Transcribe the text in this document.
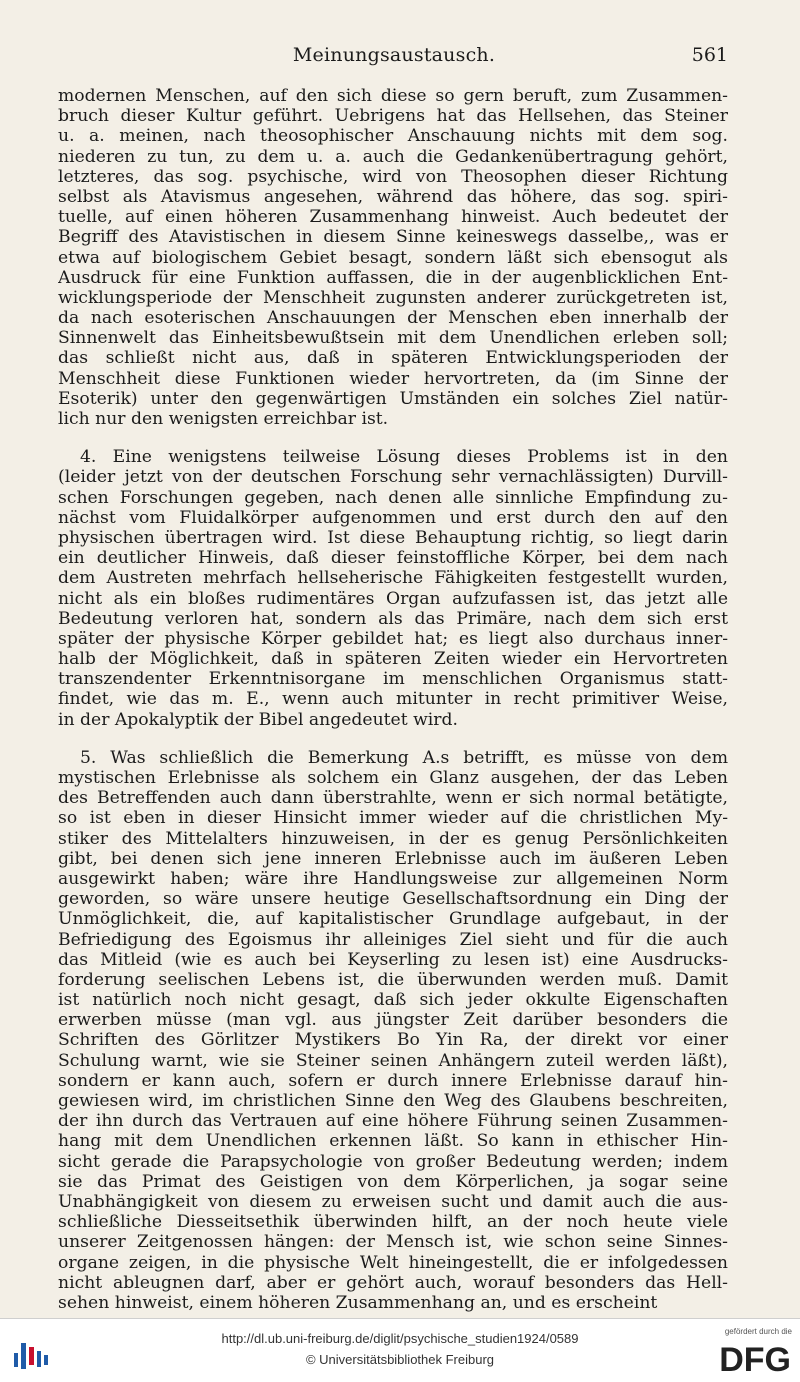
Meinungsaustausch.	561
modernen Menschen, auf den sich diese so gern beruft, zum Zusammen-
bruch dieser Kultur geführt. Uebrigens hat das Hellsehen, das Steiner
u. a. meinen, nach theosophischer Anschauung nichts mit dem sog.
niederen zu tun, zu dem u. a. auch die Gedankenübertragung gehört,
letzteres, das sog. psychische, wird von Theosophen dieser Richtung
selbst als Atavismus angesehen, während das höhere, das sog. spiri-
tuelle, auf einen höheren Zusammenhang hinweist. Auch bedeutet der
Begriff des Atavistischen in diesem Sinne keineswegs dasselbe,, was er
etwa auf biologischem Gebiet besagt, sondern läßt sich ebensogut als
Ausdruck für eine Funktion auffassen, die in der augenblicklichen Ent-
wicklungsperiode der Menschheit zugunsten anderer zurückgetreten ist,
da nach esoterischen Anschauungen der Menschen eben innerhalb der
Sinnenwelt das Einheitsbewußtsein mit dem Unendlichen erleben soll;
das schließt nicht aus, daß in späteren Entwicklungsperioden der
Menschheit diese Funktionen wieder hervortreten, da (im Sinne der
Esoterik) unter den gegenwärtigen Umständen ein solches Ziel natür-
lich nur den wenigsten erreichbar ist.
4. Eine wenigstens teilweise Lösung dieses Problems ist in den
(leider jetzt von der deutschen Forschung sehr vernachlässigten) Durvill-
schen Forschungen gegeben, nach denen alle sinnliche Empfindung zu-
nächst vom Fluidalkörper aufgenommen und erst durch den auf den
physischen übertragen wird. Ist diese Behauptung richtig, so liegt darin
ein deutlicher Hinweis, daß dieser feinstoffliche Körper, bei dem nach
dem Austreten mehrfach hellseherische Fähigkeiten festgestellt wurden,
nicht als ein bloßes rudimentäres Organ aufzufassen ist, das jetzt alle
Bedeutung verloren hat, sondern als das Primäre, nach dem sich erst
später der physische Körper gebildet hat; es liegt also durchaus inner-
halb der Möglichkeit, daß in späteren Zeiten wieder ein Hervortreten
transzendenter Erkenntnisorgane im menschlichen Organismus statt-
findet, wie das m. E., wenn auch mitunter in recht primitiver Weise,
in der Apokalyptik der Bibel angedeutet wird.
5. Was schließlich die Bemerkung A.s betrifft, es müsse von dem
mystischen Erlebnisse als solchem ein Glanz ausgehen, der das Leben
des Betreffenden auch dann überstrahlte, wenn er sich normal betätigte,
so ist eben in dieser Hinsicht immer wieder auf die christlichen My-
stiker des Mittelalters hinzuweisen, in der es genug Persönlichkeiten
gibt, bei denen sich jene inneren Erlebnisse auch im äußeren Leben
ausgewirkt haben; wäre ihre Handlungsweise zur allgemeinen Norm
geworden, so wäre unsere heutige Gesellschaftsordnung ein Ding der
Unmöglichkeit, die, auf kapitalistischer Grundlage aufgebaut, in der
Befriedigung des Egoismus ihr alleiniges Ziel sieht und für die auch
das Mitleid (wie es auch bei Keyserling zu lesen ist) eine Ausdrucks-
forderung seelischen Lebens ist, die überwunden werden muß. Damit
ist natürlich noch nicht gesagt, daß sich jeder okkulte Eigenschaften
erwerben müsse (man vgl. aus jüngster Zeit darüber besonders die
Schriften des Görlitzer Mystikers Bo Yin Ra, der direkt vor einer
Schulung warnt, wie sie Steiner seinen Anhängern zuteil werden läßt),
sondern er kann auch, sofern er durch innere Erlebnisse darauf hin-
gewiesen wird, im christlichen Sinne den Weg des Glaubens beschreiten,
der ihn durch das Vertrauen auf eine höhere Führung seinen Zusammen-
hang mit dem Unendlichen erkennen läßt. So kann in ethischer Hin-
sicht gerade die Parapsychologie von großer Bedeutung werden; indem
sie das Primat des Geistigen von dem Körperlichen, ja sogar seine
Unabhängigkeit von diesem zu erweisen sucht und damit auch die aus-
schließliche Diesseitsethik überwinden hilft, an der noch heute viele
unserer Zeitgenossen hängen: der Mensch ist, wie schon seine Sinnes-
organe zeigen, in die physische Welt hineingestellt, die er infolgedessen
nicht ableugnen darf, aber er gehört auch, worauf besonders das Hell-
sehen hinweist, einem höheren Zusammenhang an, und es erscheint
http://dl.ub.uni-freiburg.de/diglit/psychische_studien1924/0589
© Universitätsbibliothek Freiburg
gefördert durch die
DFG
